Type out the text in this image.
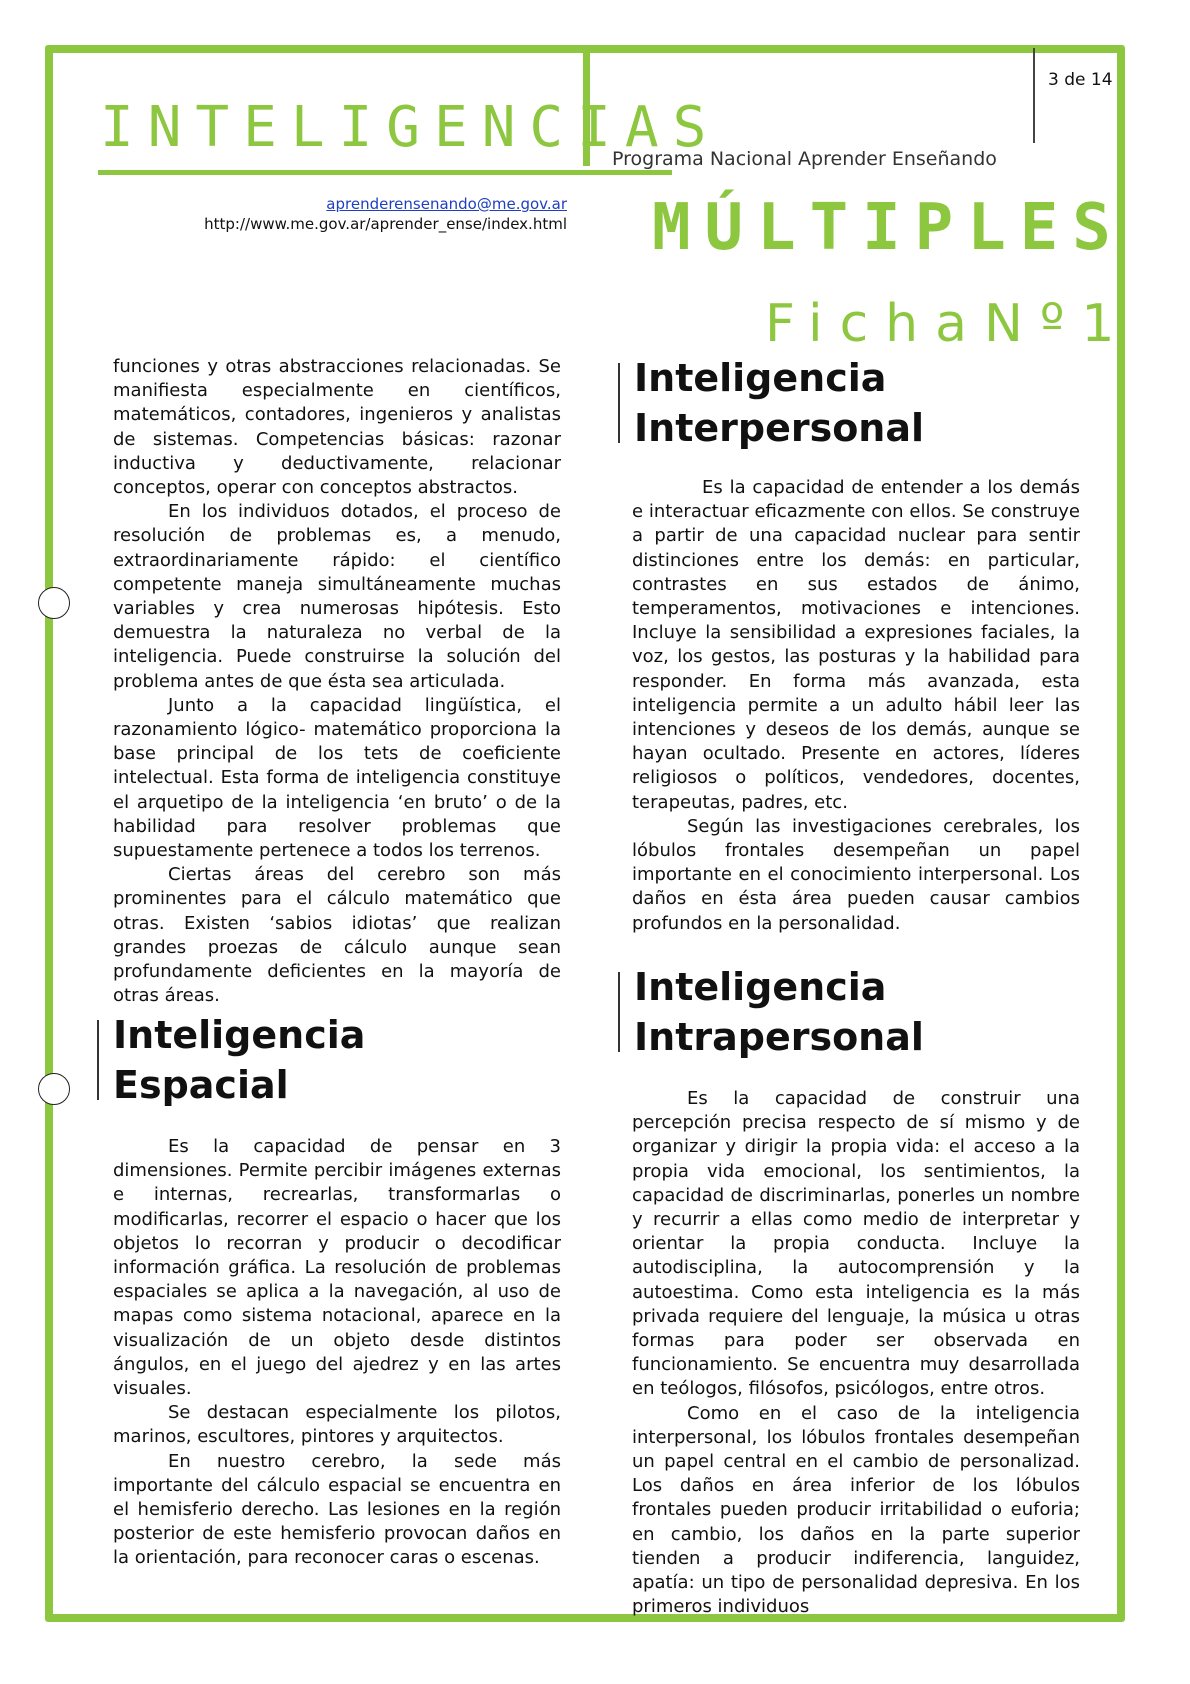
3 de 14
INTELIGENCIAS
Programa Nacional Aprender Enseñando
aprenderensenando@me.gov.ar
http://www.me.gov.ar/aprender_ense/index.html MÚLTIPLES
FichaNº1

funciones y otras abstracciones relacionadas. Se manifiesta especialmente en científicos, matemáticos, contadores, ingenieros y analistas de sistemas. Competencias básicas: razonar inductiva y deductivamente, relacionar conceptos, operar con conceptos abstractos.

En los individuos dotados, el proceso de resolución de problemas es, a menudo, extraordinariamente rápido: el científico competente maneja simultáneamente muchas variables y crea numerosas hipótesis. Esto demuestra la naturaleza no verbal de la inteligencia. Puede construirse la solución del problema antes de que ésta sea articulada.

Junto a la capacidad lingüística, el razonamiento lógico- matemático proporciona la base principal de los tets de coeficiente intelectual. Esta forma de inteligencia constituye el arquetipo de la inteligencia ‘en bruto’ o de la habilidad para resolver problemas que supuestamente pertenece a todos los terrenos.

Ciertas áreas del cerebro son más prominentes para el cálculo matemático que otras. Existen ‘sabios idiotas’ que realizan grandes proezas de cálculo aunque sean profundamente deficientes en la mayoría de otras áreas.

Inteligencia
Espacial

Es la capacidad de pensar en 3 dimensiones. Permite percibir imágenes externas e internas, recrearlas, transformarlas o modificarlas, recorrer el espacio o hacer que los objetos lo recorran y producir o decodificar información gráfica. La resolución de problemas espaciales se aplica a la navegación, al uso de mapas como sistema notacional, aparece en la visualización de un objeto desde distintos ángulos, en el juego del ajedrez y en las artes visuales.

Se destacan especialmente los pilotos, marinos, escultores, pintores y arquitectos.

En nuestro cerebro, la sede más importante del cálculo espacial se encuentra en el hemisferio derecho. Las lesiones en la región posterior de este hemisferio provocan daños en la orientación, para reconocer caras o escenas.

Inteligencia
Interpersonal

Es la capacidad de entender a los demás e interactuar eficazmente con ellos. Se construye a partir de una capacidad nuclear para sentir distinciones entre los demás: en particular, contrastes en sus estados de ánimo, temperamentos, motivaciones e intenciones. Incluye la sensibilidad a expresiones faciales, la voz, los gestos, las posturas y la habilidad para responder. En forma más avanzada, esta inteligencia permite a un adulto hábil leer las intenciones y deseos de los demás, aunque se hayan ocultado. Presente en actores, líderes religiosos o políticos, vendedores, docentes, terapeutas, padres, etc.

Según las investigaciones cerebrales, los lóbulos frontales desempeñan un papel importante en el conocimiento interpersonal. Los daños en ésta área pueden causar cambios profundos en la personalidad.

Inteligencia
Intrapersonal

Es la capacidad de construir una percepción precisa respecto de sí mismo y de organizar y dirigir la propia vida: el acceso a la propia vida emocional, los sentimientos, la capacidad de discriminarlas, ponerles un nombre y recurrir a ellas como medio de interpretar y orientar la propia conducta. Incluye la autodisciplina, la autocomprensión y la autoestima. Como esta inteligencia es la más privada requiere del lenguaje, la música u otras formas para poder ser observada en funcionamiento. Se encuentra muy desarrollada en teólogos, filósofos, psicólogos, entre otros.

Como en el caso de la inteligencia interpersonal, los lóbulos frontales desempeñan un papel central en el cambio de personalizad. Los daños en área inferior de los lóbulos frontales pueden producir irritabilidad o euforia; en cambio, los daños en la parte superior tienden a producir indiferencia, languidez, apatía: un tipo de personalidad depresiva. En los primeros individuos
